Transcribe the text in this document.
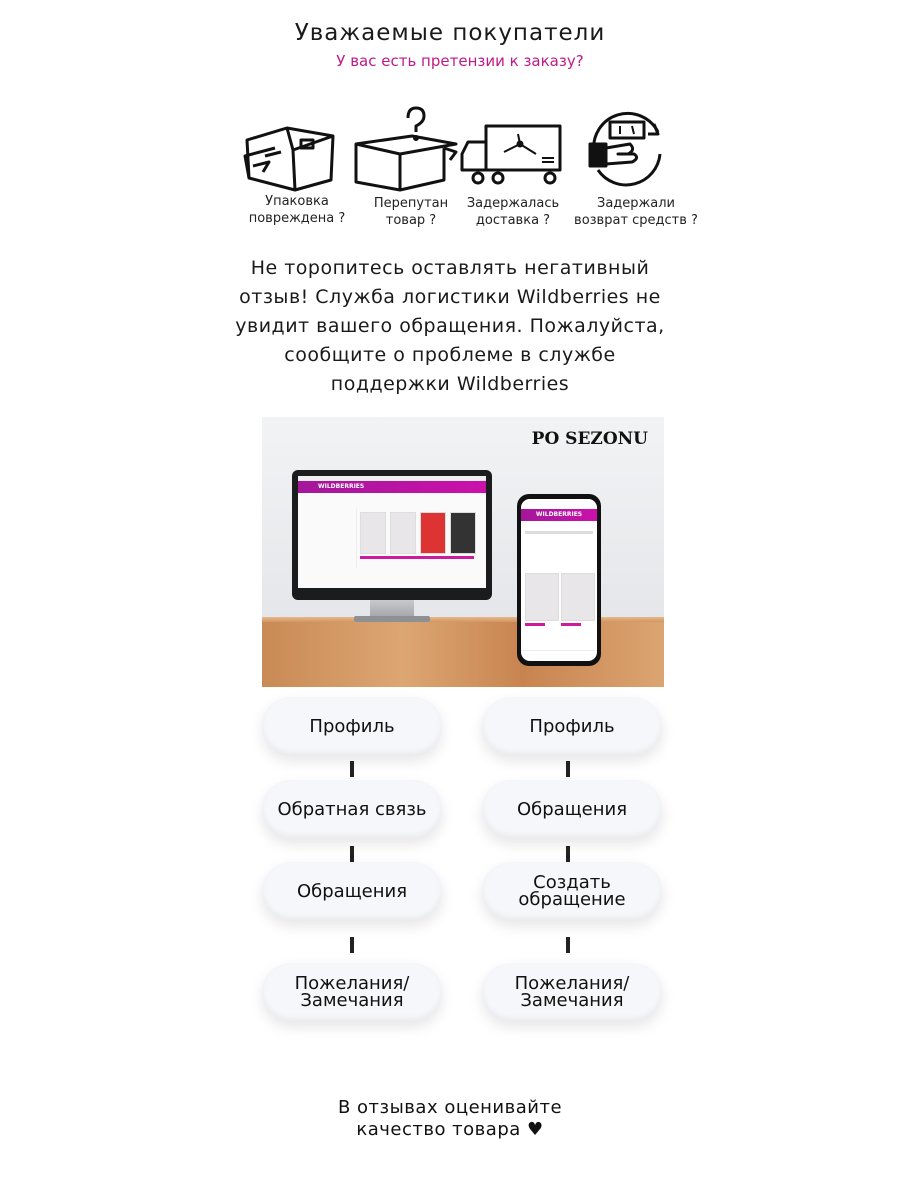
Уважаемые покупатели
У вас есть претензии к заказу?
Упаковка
повреждена ?
Перепутан
товар ?
Задержалась
доставка ?
Задержали
возврат средств ?
Не торопитесь оставлять негативный
отзыв! Служба логистики Wildberries не
увидит вашего обращения. Пожалуйста,
сообщите о проблеме в службе
поддержки Wildberries
PO SEZONU
WILDBERRIES
WILDBERRIES
Профиль
Обратная связь
Обращения
Пожелания/
Замечания
Профиль
Обращения
Создать
обращение
Пожелания/
Замечания
В отзывах оценивайте
качество товара ♥
